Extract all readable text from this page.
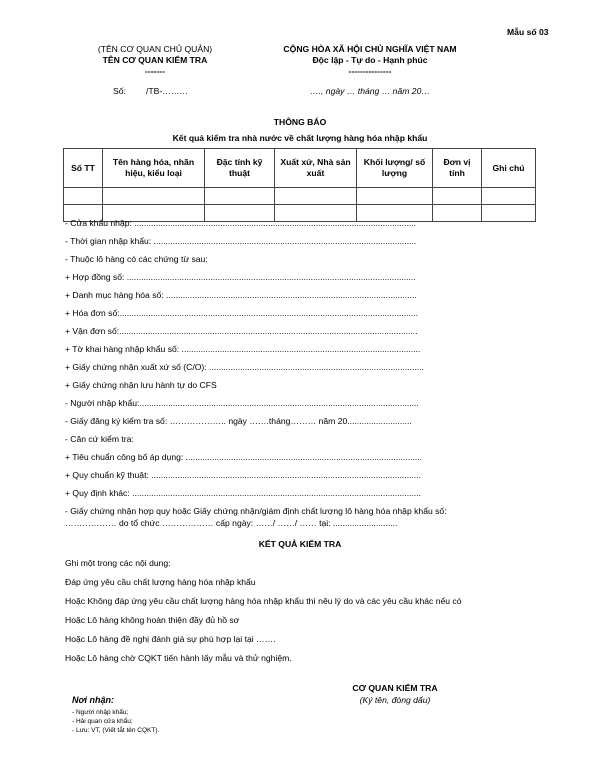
Mẫu số 03
(TÊN CƠ QUAN CHỦ QUẢN)
TÊN CƠ QUAN KIỂM TRA
-------
Số: /TB-………
CỘNG HÒA XÃ HỘI CHỦ NGHĨA VIỆT NAM
Độc lập - Tự do - Hạnh phúc
---------------
…., ngày … tháng … năm 20…
THÔNG BÁO
Kết quả kiểm tra nhà nước về chất lượng hàng hóa nhập khẩu
Số TT	Tên hàng hóa, nhãn hiệu, kiểu loại	Đặc tính kỹ thuật	Xuất xứ, Nhà sản xuất	Khối lượng/ số lượng	Đơn vị tính	Ghi chú

- Cửa khẩu nhập: ......................................................................................................................
- Thời gian nhập khẩu: ..............................................................................................................
- Thuộc lô hàng có các chứng từ sau:
+ Hợp đồng số: .........................................................................................................................
+ Danh mục hàng hóa số: .........................................................................................................
+ Hóa đơn số:.............................................................................................................................
+ Vận đơn số:.............................................................................................................................
+ Tờ khai hàng nhập khẩu số: ....................................................................................................
+ Giấy chứng nhận xuất xứ số (C/O): ..........................................................................................
+ Giấy chứng nhận lưu hành tự do CFS
- Người nhập khẩu:.....................................................................................................................
- Giấy đăng ký kiểm tra số: ……………….. ngày …….tháng……… năm 20...........................
- Căn cứ kiểm tra:
+ Tiêu chuẩn công bố áp dụng: ...................................................................................................
+ Quy chuẩn kỹ thuật: .................................................................................................................
+ Quy định khác: .........................................................................................................................
- Giấy chứng nhận hợp quy hoặc Giấy chứng nhận/giám định chất lượng lô hàng hóa nhập khẩu số:
……………… do tổ chức ……………… cấp ngày: ……/ ……/ …… tại: ...........................
KẾT QUẢ KIỂM TRA
Ghi một trong các nội dung:
Đáp ứng yêu cầu chất lượng hàng hóa nhập khẩu
Hoặc Không đáp ứng yêu cầu chất lượng hàng hóa nhập khẩu thì nêu lý do và các yêu cầu khác nếu có
Hoặc Lô hàng không hoàn thiện đầy đủ hồ sơ
Hoặc Lô hàng đề nghị đánh giá sự phù hợp lại tại …….
Hoặc Lô hàng chờ CQKT tiến hành lấy mẫu và thử nghiệm.
CƠ QUAN KIỂM TRA
(Ký tên, đóng dấu)
Nơi nhận:
- Người nhập khẩu;
- Hải quan cửa khẩu;
- Lưu: VT, (Viết tắt tên CQKT).
